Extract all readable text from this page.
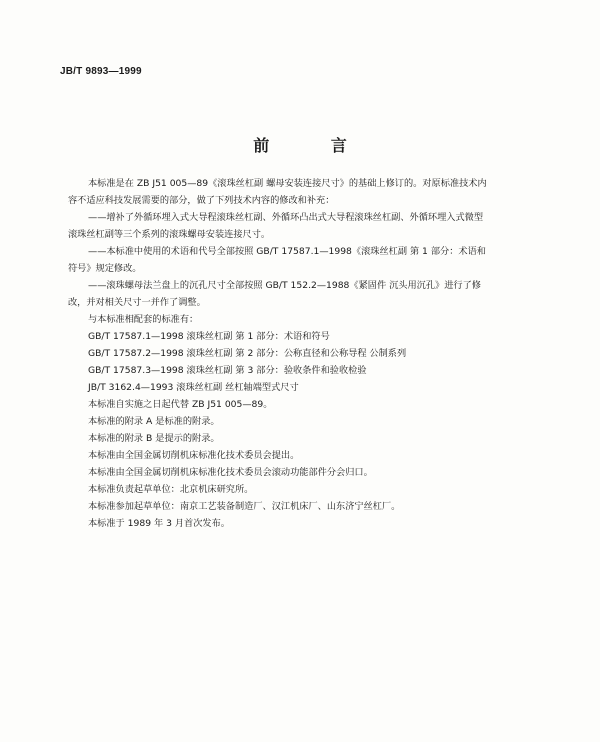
JB/T 9893—1999
前 言
本标准是在 ZB J51 005—89《滚珠丝杠副 螺母安装连接尺寸》的基础上修订的。对原标准技术内
容不适应科技发展需要的部分，做了下列技术内容的修改和补充：
——增补了外循环埋入式大导程滚珠丝杠副、外循环凸出式大导程滚珠丝杠副、外循环埋入式微型
滚珠丝杠副等三个系列的滚珠螺母安装连接尺寸。
——本标准中使用的术语和代号全部按照 GB/T 17587.1—1998《滚珠丝杠副 第 1 部分：术语和
符号》规定修改。
——滚珠螺母法兰盘上的沉孔尺寸全部按照 GB/T 152.2—1988《紧固件 沉头用沉孔》进行了修
改，并对相关尺寸一并作了调整。
与本标准相配套的标准有：
GB/T 17587.1—1998 滚珠丝杠副 第 1 部分：术语和符号
GB/T 17587.2—1998 滚珠丝杠副 第 2 部分：公称直径和公称导程 公制系列
GB/T 17587.3—1998 滚珠丝杠副 第 3 部分：验收条件和验收检验
JB/T 3162.4—1993 滚珠丝杠副 丝杠轴端型式尺寸
本标准自实施之日起代替 ZB J51 005—89。
本标准的附录 A 是标准的附录。
本标准的附录 B 是提示的附录。
本标准由全国金属切削机床标准化技术委员会提出。
本标准由全国金属切削机床标准化技术委员会滚动功能部件分会归口。
本标准负责起草单位：北京机床研究所。
本标准参加起草单位：南京工艺装备制造厂、汉江机床厂、山东济宁丝杠厂。
本标准于 1989 年 3 月首次发布。
